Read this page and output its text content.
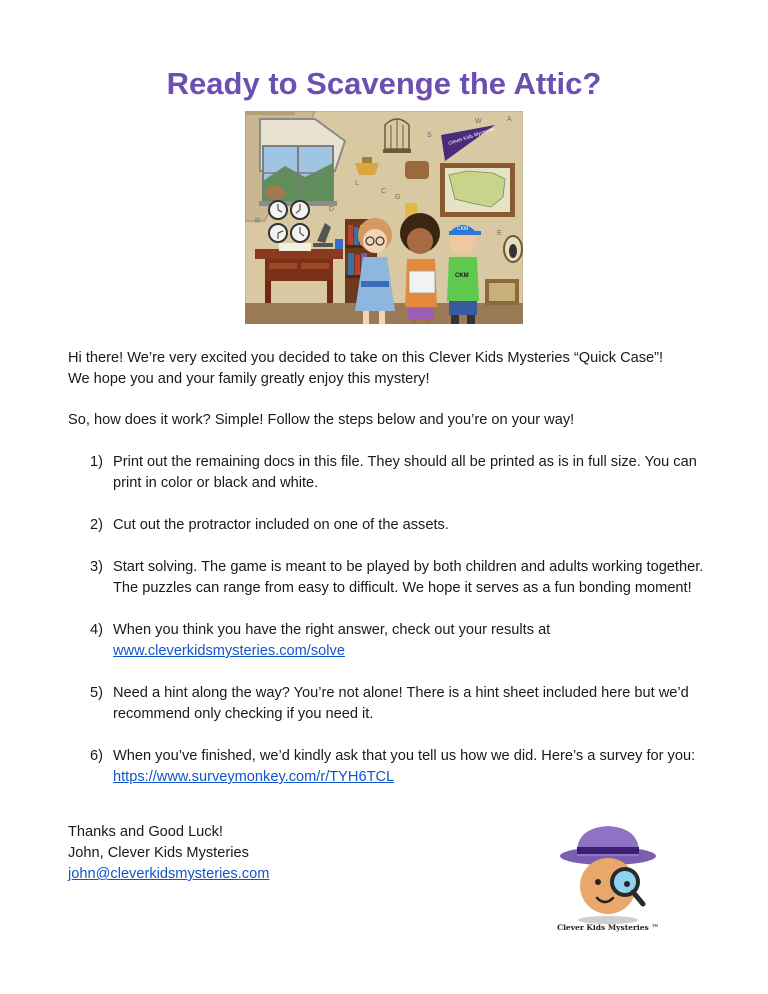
Ready to Scavenge the Attic?
Clever Kids Mysteries
CKM
CKM
W	A
S
L
C
G
R
D
E

Hi there! We’re very excited you decided to take on this Clever Kids Mysteries “Quick Case”!
We hope you and your family greatly enjoy this mystery!

So, how does it work? Simple! Follow the steps below and you’re on your way!

1) Print out the remaining docs in this file. They should all be printed as is in full size. You can print in color or black and white.
2) Cut out the protractor included on one of the assets.
3) Start solving. The game is meant to be played by both children and adults working together. The puzzles can range from easy to difficult. We hope it serves as a fun bonding moment!
4) When you think you have the right answer, check out your results at
www.cleverkidsmysteries.com/solve
5) Need a hint along the way? You’re not alone! There is a hint sheet included here but we’d recommend only checking if you need it.
6) When you’ve finished, we’d kindly ask that you tell us how we did. Here’s a survey for you: https://www.surveymonkey.com/r/TYH6TCL

Thanks and Good Luck!
John, Clever Kids Mysteries
john@cleverkidsmysteries.com

Clever Kids Mysteries ™
